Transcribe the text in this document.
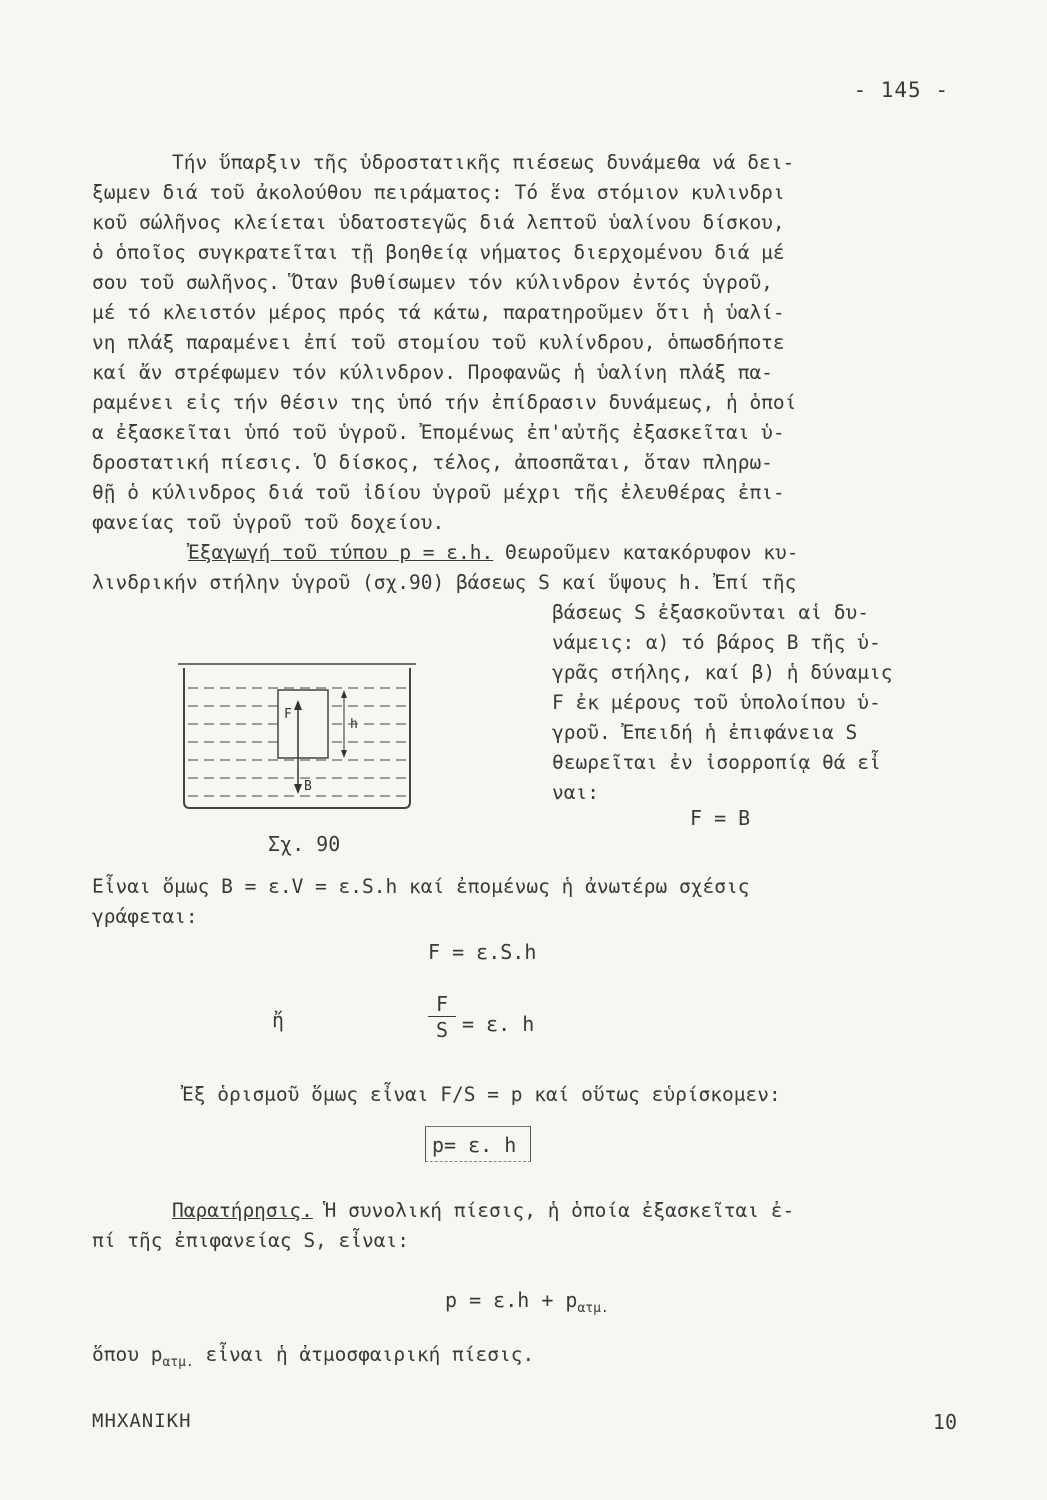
- 145 -
Τήν ὕπαρξιν τῆς ὑδροστατικῆς πιέσεως δυνάμεθα νά δει-
ξωμεν διά τοῦ ἀκολούθου πειράματος: Τό ἕνα στόμιον κυλινδρι
κοῦ σώλῆνος κλείεται ὑδατοστεγῶς διά λεπτοῦ ὑαλίνου δίσκου,
ὁ ὁποῖος συγκρατεῖται τῇ βοηθείᾳ νήματος διερχομένου διά μέ
σου τοῦ σωλῆνος. Ὅταν βυθίσωμεν τόν κύλινδρον ἐντός ὑγροῦ,
μέ τό κλειστόν μέρος πρός τά κάτω, παρατηροῦμεν ὅτι ἡ ὑαλί-
νη πλάξ παραμένει ἐπί τοῦ στομίου τοῦ κυλίνδρου, ὁπωσδήποτε
καί ἄν στρέφωμεν τόν κύλινδρον. Προφανῶς ἡ ὑαλίνη πλάξ πα-
ραμένει εἰς τήν θέσιν της ὑπό τήν ἐπίδρασιν δυνάμεως, ἡ ὁποί
α ἐξασκεῖται ὑπό τοῦ ὑγροῦ. Ἐπομένως ἐπ'αὐτῆς ἐξασκεῖται ὑ-
δροστατική πίεσις. Ὁ δίσκος, τέλος, ἀποσπᾶται, ὅταν πληρω-
θῇ ὁ κύλινδρος διά τοῦ ἰδίου ὑγροῦ μέχρι τῆς ἐλευθέρας ἐπι-
φανείας τοῦ ὑγροῦ τοῦ δοχείου.
Ἐξαγωγή τοῦ τύπου p = ε.h. Θεωροῦμεν κατακόρυφον κυ-
λινδρικήν στήλην ὑγροῦ (σχ.90) βάσεως S καί ὕψους h. Ἐπί τῆς
βάσεως S ἐξασκοῦνται αἱ δυ-
νάμεις: α) τό βάρος B τῆς ὑ-
γρᾶς στήλης, καί β) ἡ δύναμις
F ἐκ μέρους τοῦ ὑπολοίπου ὑ-
γροῦ. Ἐπειδή ἡ ἐπιφάνεια S
θεωρεῖται ἐν ἰσορροπίᾳ θά εἶ
ναι:
F = B
F
h
B
Σχ. 90
Εἶναι ὅμως B = ε.V = ε.S.h καί ἐπομένως ἡ ἀνωτέρω σχέσις
γράφεται:
F = ε.S.h
ἤ	$\frac{F}{S} = \varepsilon$. h
Ἐξ ὁρισμοῦ ὅμως εἶναι F/S = p καί οὕτως εὑρίσκομεν:
p= ε. h
Παρατήρησις. Ἡ συνολική πίεσις, ἡ ὁποία ἐξασκεῖται ἐ-
πί τῆς ἐπιφανείας S, εἶναι:
$p = \varepsilon.h + p_{\alpha\tau\mu.}$
ὅπου $p_{\alpha\tau\mu.}$ εἶναι ἡ ἀτμοσφαιρική πίεσις.
ΜΗΧΑΝΙΚΗ	10
